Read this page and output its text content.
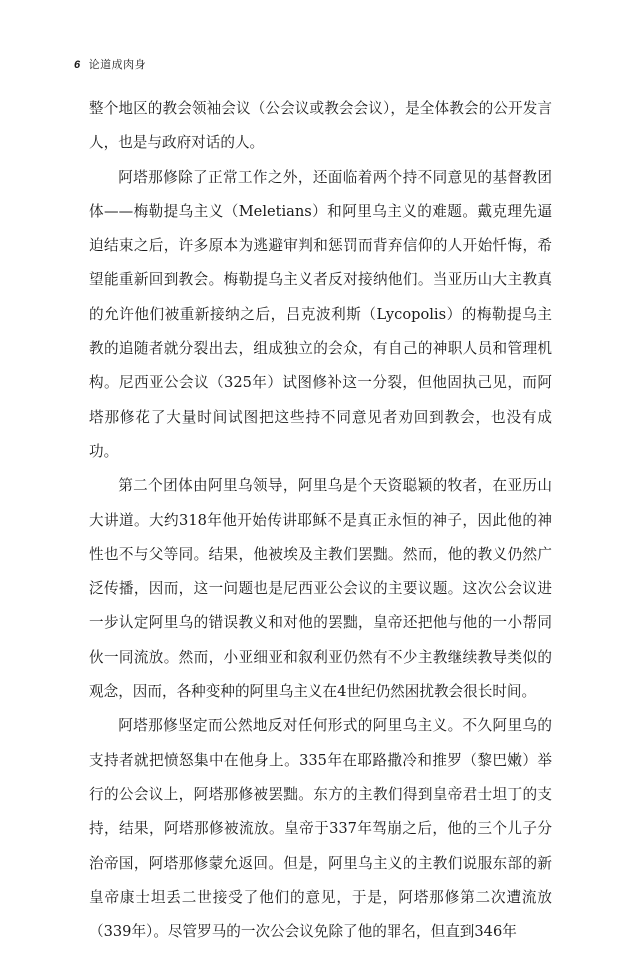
6 论道成肉身

整个地区的教会领袖会议（公会议或教会会议），是全体教会的公开发言人，也是与政府对话的人。

阿塔那修除了正常工作之外，还面临着两个持不同意见的基督教团体——梅勒提乌主义（Meletians）和阿里乌主义的难题。戴克理先逼迫结束之后，许多原本为逃避审判和惩罚而背弃信仰的人开始忏悔，希望能重新回到教会。梅勒提乌主义者反对接纳他们。当亚历山大主教真的允许他们被重新接纳之后，吕克波利斯（Lycopolis）的梅勒提乌主教的追随者就分裂出去，组成独立的会众，有自己的神职人员和管理机构。尼西亚公会议（325年）试图修补这一分裂，但他固执己见，而阿塔那修花了大量时间试图把这些持不同意见者劝回到教会，也没有成功。

第二个团体由阿里乌领导，阿里乌是个天资聪颖的牧者，在亚历山大讲道。大约318年他开始传讲耶稣不是真正永恒的神子，因此他的神性也不与父等同。结果，他被埃及主教们罢黜。然而，他的教义仍然广泛传播，因而，这一问题也是尼西亚公会议的主要议题。这次公会议进一步认定阿里乌的错误教义和对他的罢黜，皇帝还把他与他的一小帮同伙一同流放。然而，小亚细亚和叙利亚仍然有不少主教继续教导类似的观念，因而，各种变种的阿里乌主义在4世纪仍然困扰教会很长时间。

阿塔那修坚定而公然地反对任何形式的阿里乌主义。不久阿里乌的支持者就把愤怒集中在他身上。335年在耶路撒冷和推罗（黎巴嫩）举行的公会议上，阿塔那修被罢黜。东方的主教们得到皇帝君士坦丁的支持，结果，阿塔那修被流放。皇帝于337年驾崩之后，他的三个儿子分治帝国，阿塔那修蒙允返回。但是，阿里乌主义的主教们说服东部的新皇帝康士坦丢二世接受了他们的意见，于是，阿塔那修第二次遭流放（339年）。尽管罗马的一次公会议免除了他的罪名，但直到346年
